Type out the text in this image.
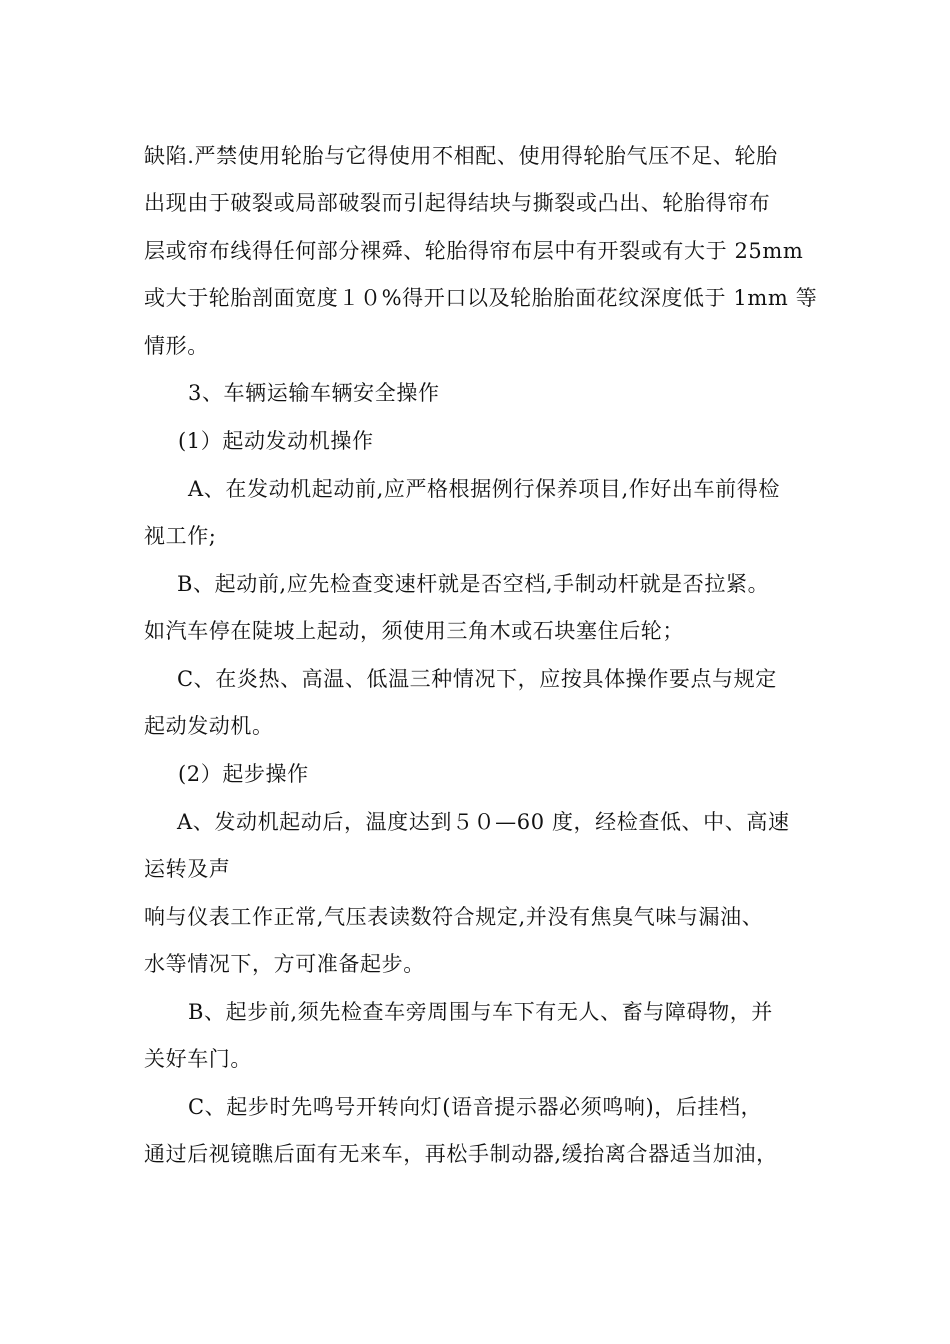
缺陷.严禁使用轮胎与它得使用不相配、使用得轮胎气压不足、轮胎
出现由于破裂或局部破裂而引起得结块与撕裂或凸出、轮胎得帘布
层或帘布线得任何部分裸舜、轮胎得帘布层中有开裂或有大于 25mm
或大于轮胎剖面宽度１０%得开口以及轮胎胎面花纹深度低于 1mm 等
情形。
3、车辆运输车辆安全操作
(1）起动发动机操作
A、在发动机起动前,应严格根据例行保养项目,作好出车前得检
视工作;
B、起动前,应先检查变速杆就是否空档,手制动杆就是否拉紧。
如汽车停在陡坡上起动，须使用三角木或石块塞住后轮；
C、在炎热、高温、低温三种情况下，应按具体操作要点与规定
起动发动机。
(2）起步操作
A、发动机起动后，温度达到５０—60 度，经检查低、中、高速
运转及声
响与仪表工作正常,气压表读数符合规定,并没有焦臭气味与漏油、
水等情况下，方可准备起步。
B、起步前,须先检查车旁周围与车下有无人、畜与障碍物，并
关好车门。
C、起步时先鸣号开转向灯(语音提示器必须鸣响)，后挂档，
通过后视镜瞧后面有无来车，再松手制动器,缓抬离合器适当加油，
